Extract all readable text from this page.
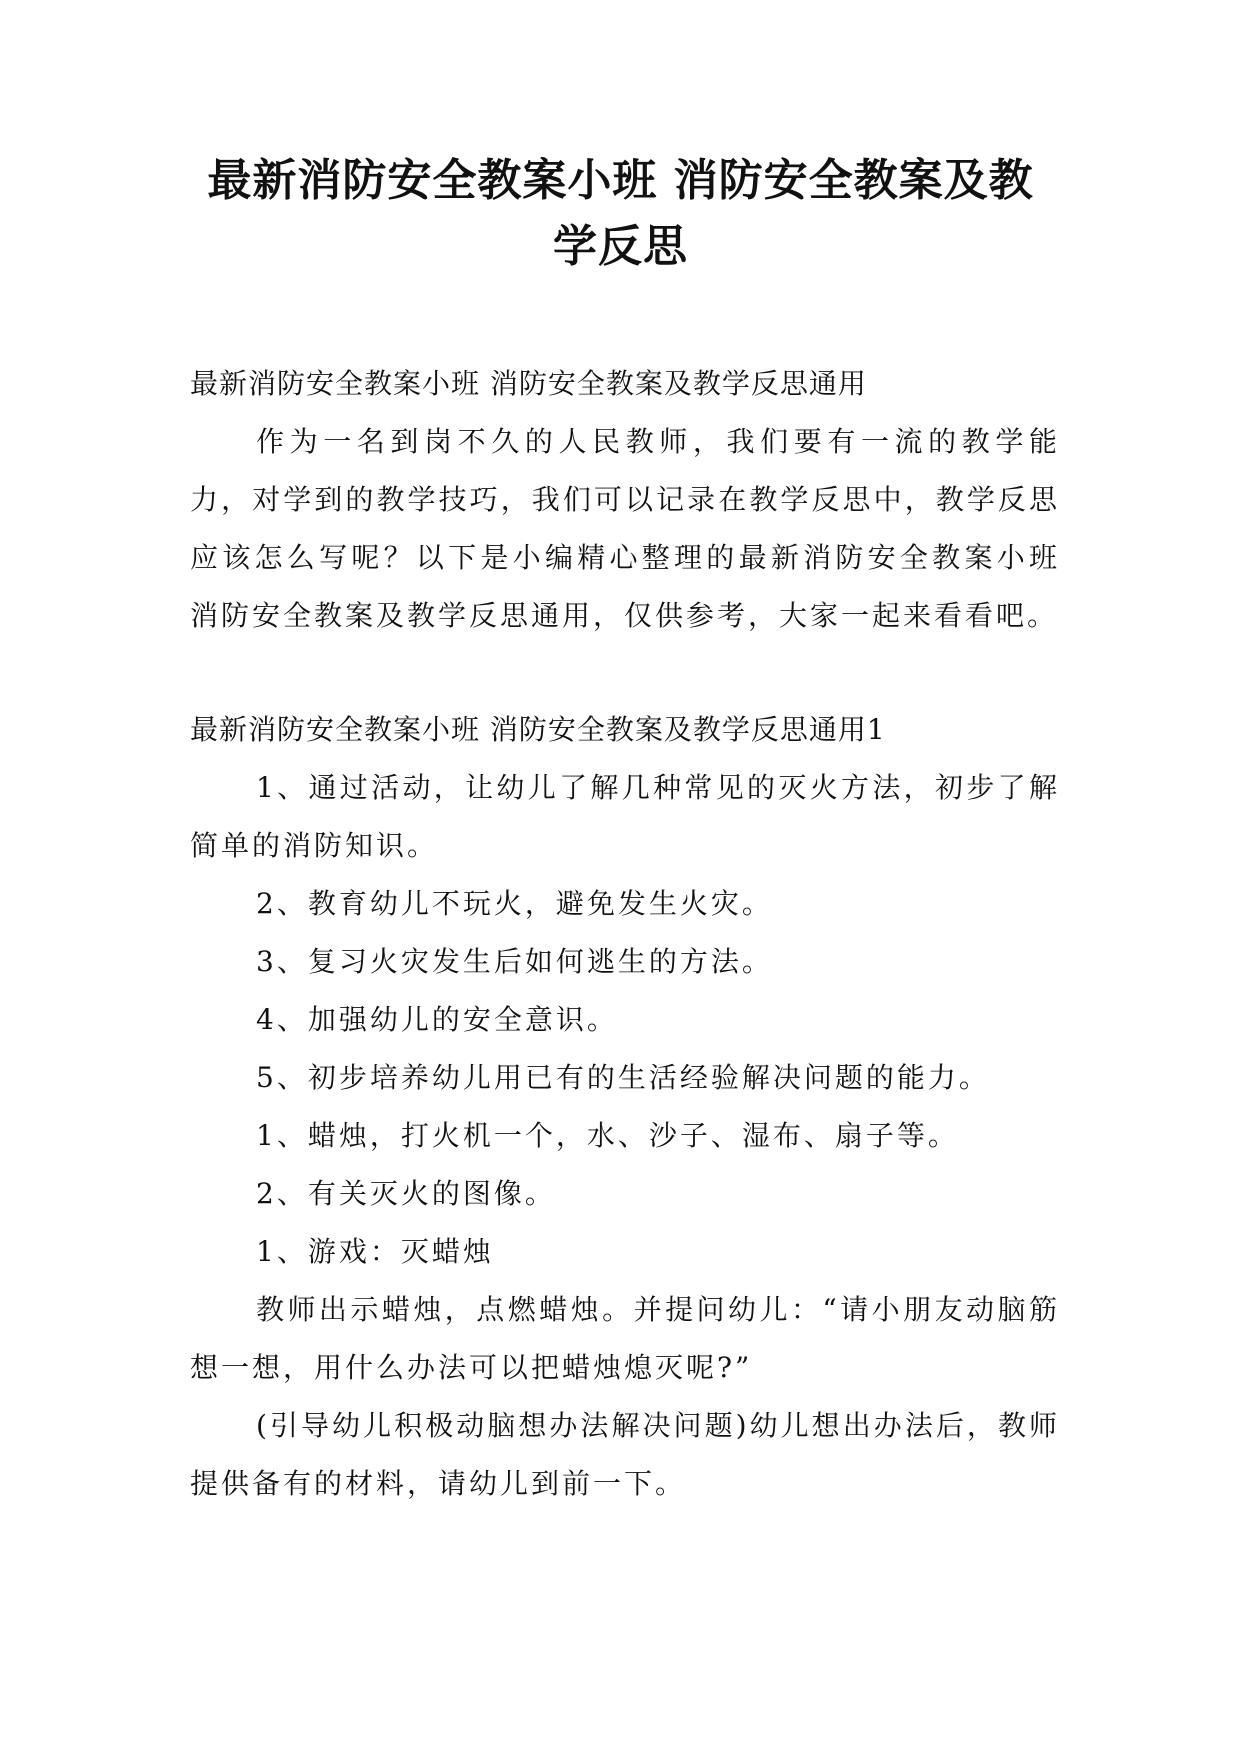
最新消防安全教案小班 消防安全教案及教
学反思

最新消防安全教案小班 消防安全教案及教学反思通用

作为一名到岗不久的人民教师，我们要有一流的教学能力，对学到的教学技巧，我们可以记录在教学反思中，教学反思应该怎么写呢？以下是小编精心整理的最新消防安全教案小班 消防安全教案及教学反思通用，仅供参考，大家一起来看看吧。

最新消防安全教案小班 消防安全教案及教学反思通用1

1、通过活动，让幼儿了解几种常见的灭火方法，初步了解简单的消防知识。

2、教育幼儿不玩火，避免发生火灾。

3、复习火灾发生后如何逃生的方法。

4、加强幼儿的安全意识。

5、初步培养幼儿用已有的生活经验解决问题的能力。

1、蜡烛，打火机一个，水、沙子、湿布、扇子等。

2、有关灭火的图像。

1、游戏：灭蜡烛

教师出示蜡烛，点燃蜡烛。并提问幼儿：“请小朋友动脑筋想一想，用什么办法可以把蜡烛熄灭呢?”

(引导幼儿积极动脑想办法解决问题)幼儿想出办法后，教师提供备有的材料，请幼儿到前一下。
